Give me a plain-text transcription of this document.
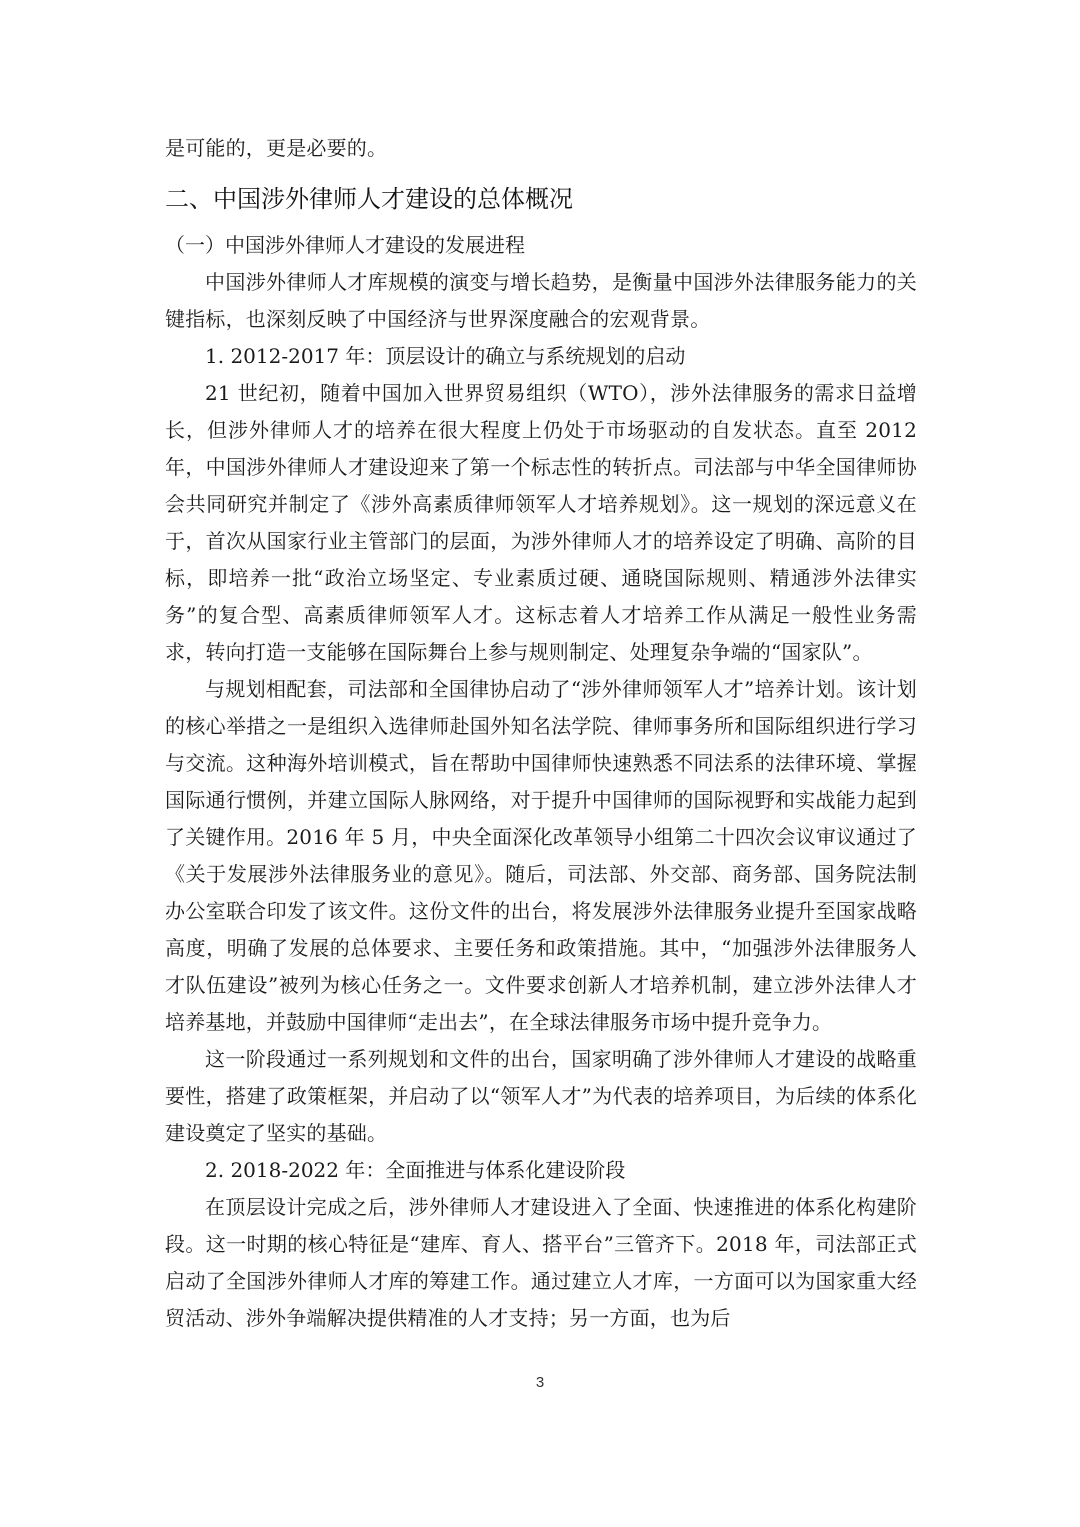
是可能的，更是必要的。

二、中国涉外律师人才建设的总体概况
（一）中国涉外律师人才建设的发展进程

中国涉外律师人才库规模的演变与增长趋势，是衡量中国涉外法律服务能力的关键指标，也深刻反映了中国经济与世界深度融合的宏观背景。

1. 2012-2017 年：顶层设计的确立与系统规划的启动

21 世纪初，随着中国加入世界贸易组织（WTO），涉外法律服务的需求日益增长，但涉外律师人才的培养在很大程度上仍处于市场驱动的自发状态。直至 2012 年，中国涉外律师人才建设迎来了第一个标志性的转折点。司法部与中华全国律师协会共同研究并制定了《涉外高素质律师领军人才培养规划》。这一规划的深远意义在于，首次从国家行业主管部门的层面，为涉外律师人才的培养设定了明确、高阶的目标，即培养一批“政治立场坚定、专业素质过硬、通晓国际规则、精通涉外法律实务”的复合型、高素质律师领军人才。这标志着人才培养工作从满足一般性业务需求，转向打造一支能够在国际舞台上参与规则制定、处理复杂争端的“国家队”。

与规划相配套，司法部和全国律协启动了“涉外律师领军人才”培养计划。该计划的核心举措之一是组织入选律师赴国外知名法学院、律师事务所和国际组织进行学习与交流。这种海外培训模式，旨在帮助中国律师快速熟悉不同法系的法律环境、掌握国际通行惯例，并建立国际人脉网络，对于提升中国律师的国际视野和实战能力起到了关键作用。2016 年 5 月，中央全面深化改革领导小组第二十四次会议审议通过了《关于发展涉外法律服务业的意见》。随后，司法部、外交部、商务部、国务院法制办公室联合印发了该文件。这份文件的出台，将发展涉外法律服务业提升至国家战略高度，明确了发展的总体要求、主要任务和政策措施。其中，“加强涉外法律服务人才队伍建设”被列为核心任务之一。文件要求创新人才培养机制，建立涉外法律人才培养基地，并鼓励中国律师“走出去”，在全球法律服务市场中提升竞争力。

这一阶段通过一系列规划和文件的出台，国家明确了涉外律师人才建设的战略重要性，搭建了政策框架，并启动了以“领军人才”为代表的培养项目，为后续的体系化建设奠定了坚实的基础。

2. 2018-2022 年：全面推进与体系化建设阶段

在顶层设计完成之后，涉外律师人才建设进入了全面、快速推进的体系化构建阶段。这一时期的核心特征是“建库、育人、搭平台”三管齐下。2018 年，司法部正式启动了全国涉外律师人才库的筹建工作。通过建立人才库，一方面可以为国家重大经贸活动、涉外争端解决提供精准的人才支持；另一方面，也为后

3
